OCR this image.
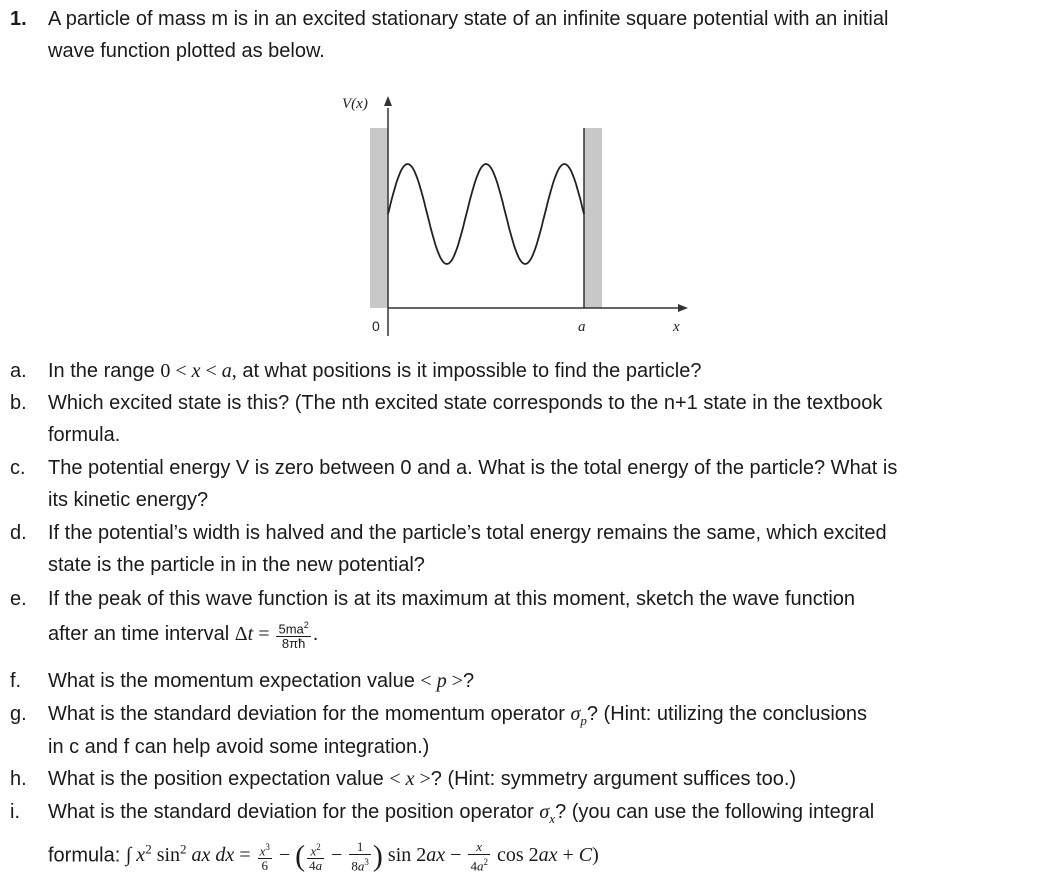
1. A particle of mass m is in an excited stationary state of an infinite square potential with an initial
wave function plotted as below.
V(x)
0	a	x
a. In the range 0 < x < a, at what positions is it impossible to find the particle?
b. Which excited state is this? (The nth excited state corresponds to the n+1 state in the textbook
formula.
c. The potential energy V is zero between 0 and a. What is the total energy of the particle? What is
its kinetic energy?
d. If the potential’s width is halved and the particle’s total energy remains the same, which excited
state is the particle in in the new potential?
e. If the peak of this wave function is at its maximum at this moment, sketch the wave function
after an time interval $\Delta t = \frac{5ma^2}{8\pi ħ}$ .
f. What is the momentum expectation value < p >?
g. What is the standard deviation for the momentum operator $\sigma_p$? (Hint: utilizing the conclusions
in c and f can help avoid some integration.)
h. What is the position expectation value < x >? (Hint: symmetry argument suffices too.)
i. What is the standard deviation for the position operator $\sigma_x$? (you can use the following integral
formula: ∫ $x^2$ $\sin^2$ ax dx = $\frac{x^3}{6}$ − ( $\frac{x^2}{4a} - \frac{1}{8a^3}$ ) $\sin 2ax - \frac{x}{4a^2}$ cos 2ax + C)
